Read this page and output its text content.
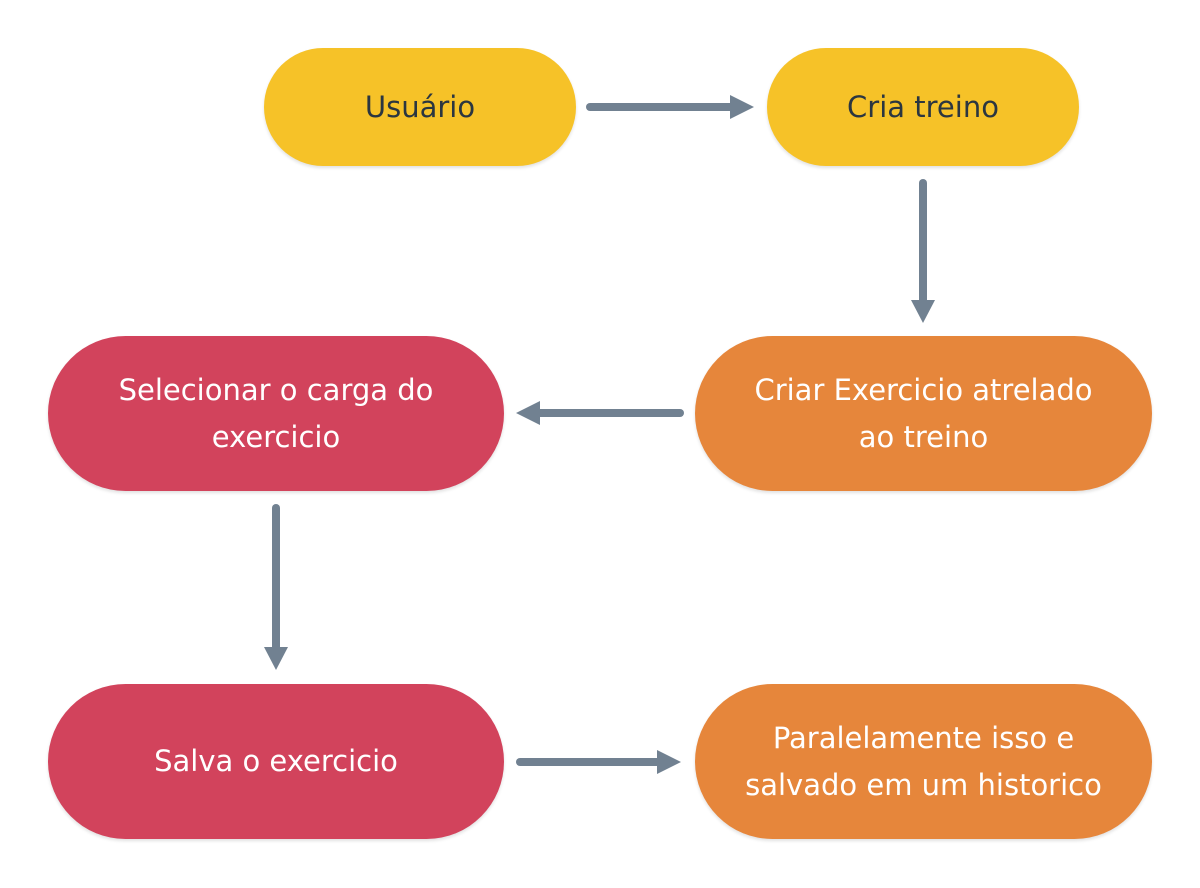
Usuário	Cria treino
Criar Exercicio atrelado ao treino
Selecionar o carga do exercicio
Salva o exercicio
Paralelamente isso e salvado em um historico
